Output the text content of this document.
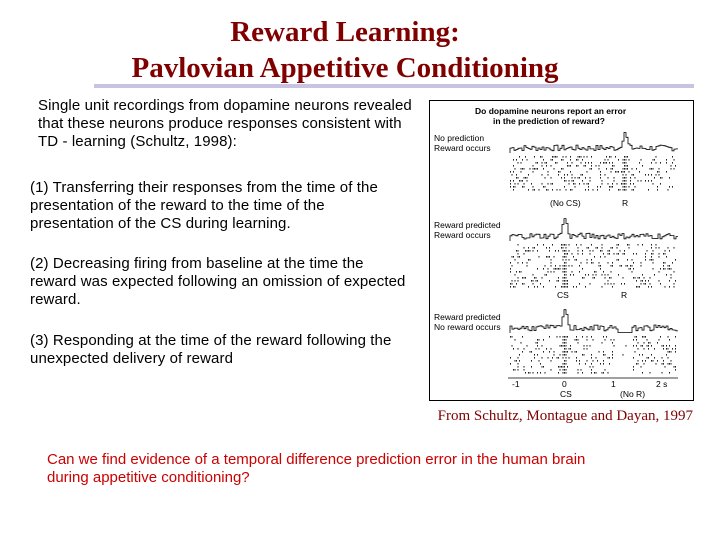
Reward Learning:
Pavlovian Appetitive Conditioning
Single unit recordings from dopamine neurons revealed that these neurons produce responses consistent with TD - learning (Schultz, 1998):
(1) Transferring their responses from the time of the presentation of the reward to the time of the presentation of the CS during learning.
(2) Decreasing firing from baseline at the time the reward was expected following an omission of expected reward.
(3) Responding at the time of the reward following the unexpected delivery of reward
Do dopamine neurons report an error
in the prediction of reward?
No prediction
Reward occurs
(No CS)	R
Reward predicted
Reward occurs
CS	R
Reward predicted
No reward occurs
-1	0	1	2 s
CS	(No R)
From Schultz, Montague and Dayan, 1997
Can we find evidence of a temporal difference prediction error in the human brain during appetitive conditioning?
